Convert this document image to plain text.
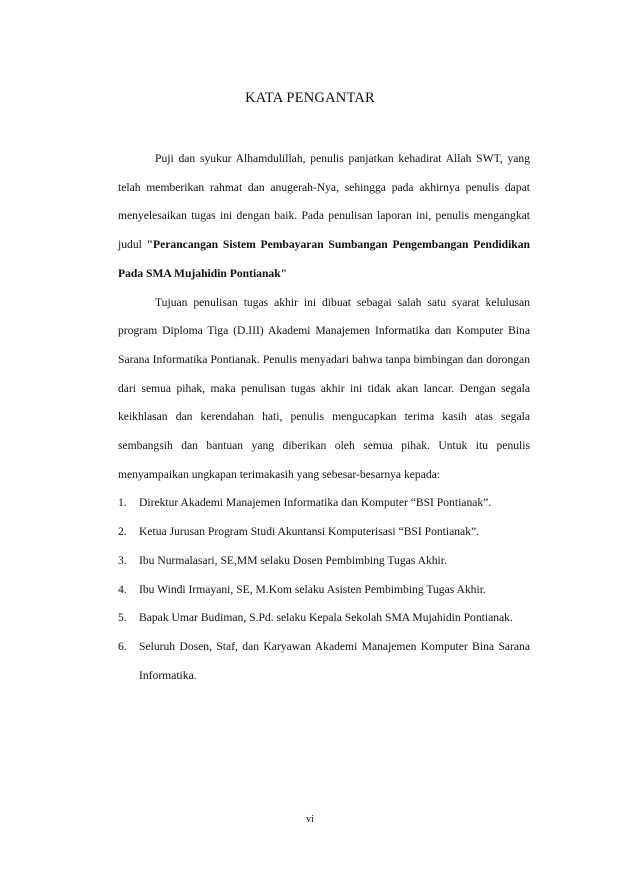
KATA PENGANTAR

Puji dan syukur Alhamdulillah, penulis panjatkan kehadirat Allah SWT, yang telah memberikan rahmat dan anugerah-Nya, sehingga pada akhirnya penulis dapat menyelesaikan tugas ini dengan baik. Pada penulisan laporan ini, penulis mengangkat judul "Perancangan Sistem Pembayaran Sumbangan Pengembangan Pendidikan Pada SMA Mujahidin Pontianak"

Tujuan penulisan tugas akhir ini dibuat sebagai salah satu syarat kelulusan program Diploma Tiga (D.III) Akademi Manajemen Informatika dan Komputer Bina Sarana Informatika Pontianak. Penulis menyadari bahwa tanpa bimbingan dan dorongan dari semua pihak, maka penulisan tugas akhir ini tidak akan lancar. Dengan segala keikhlasan dan kerendahan hati, penulis mengucapkan terima kasih atas segala sembangsih dan bantuan yang diberikan oleh semua pihak. Untuk itu penulis menyampaikan ungkapan terimakasih yang sebesar-besarnya kepada:

1. Direktur Akademi Manajemen Informatika dan Komputer “BSI Pontianak”.
2. Ketua Jurusan Program Studi Akuntansi Komputerisasi “BSI Pontianak”.
3. Ibu Nurmalasari, SE,MM selaku Dosen Pembimbing Tugas Akhir.
4. Ibu Windi Irmayani, SE, M.Kom selaku Asisten Pembimbing Tugas Akhir.
5. Bapak Umar Budiman, S.Pd. selaku Kepala Sekolah SMA Mujahidin Pontianak.
6. Seluruh Dosen, Staf, dan Karyawan Akademi Manajemen Komputer Bina Sarana Informatika.
vi
